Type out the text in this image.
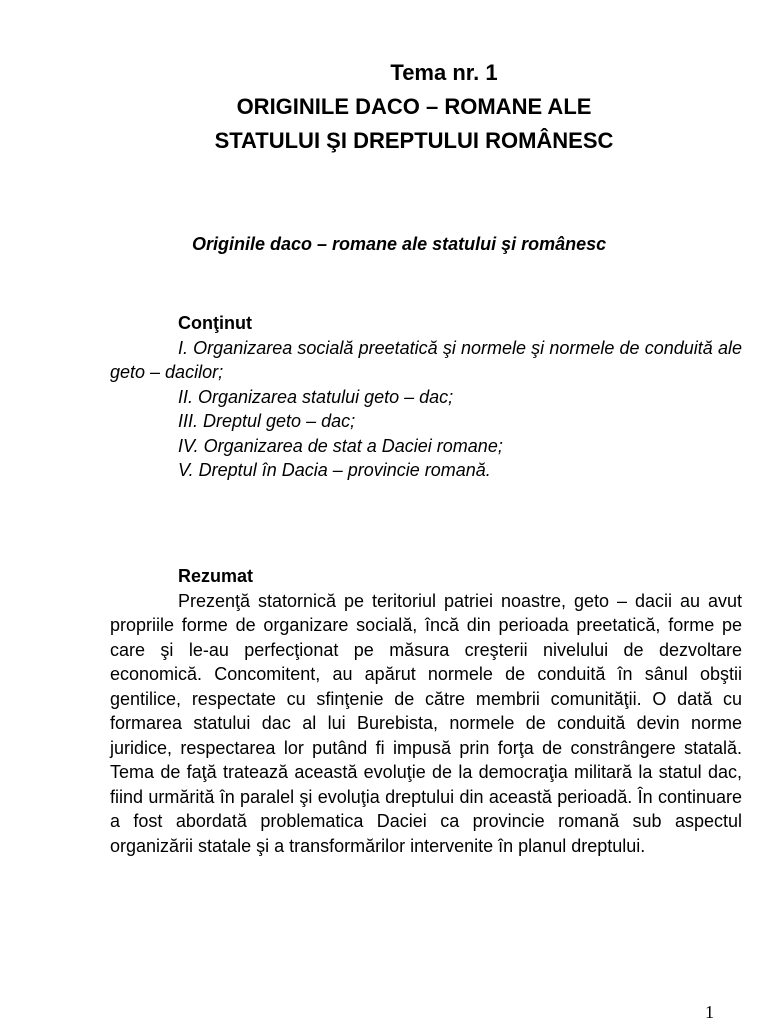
Tema nr. 1
ORIGINILE DACO – ROMANE ALE
STATULUI ŞI DREPTULUI ROMÂNESC
Originile daco – romane ale statului şi românesc
Conţinut
I. Organizarea socială preetatică şi normele şi normele de conduită ale geto – dacilor;
II. Organizarea statului geto – dac;
III. Dreptul geto – dac;
IV. Organizarea de stat a Daciei romane;
V. Dreptul în Dacia – provincie romană.
Rezumat

Prezenţă statornică pe teritoriul patriei noastre, geto – dacii au avut propriile forme de organizare socială, încă din perioada preetatică, forme pe care şi le-au perfecţionat pe măsura creşterii nivelului de dezvoltare economică. Concomitent, au apărut normele de conduită în sânul obştii gentilice, respectate cu sfinţenie de către membrii comunităţii. O dată cu formarea statului dac al lui Burebista, normele de conduită devin norme juridice, respectarea lor putând fi impusă prin forţa de constrângere statală. Tema de faţă tratează această evoluţie de la democraţia militară la statul dac, fiind urmărită în paralel şi evoluţia dreptului din această perioadă. În continuare a fost abordată problematica Daciei ca provincie romană sub aspectul organizării statale şi a transformărilor intervenite în planul dreptului.

1
